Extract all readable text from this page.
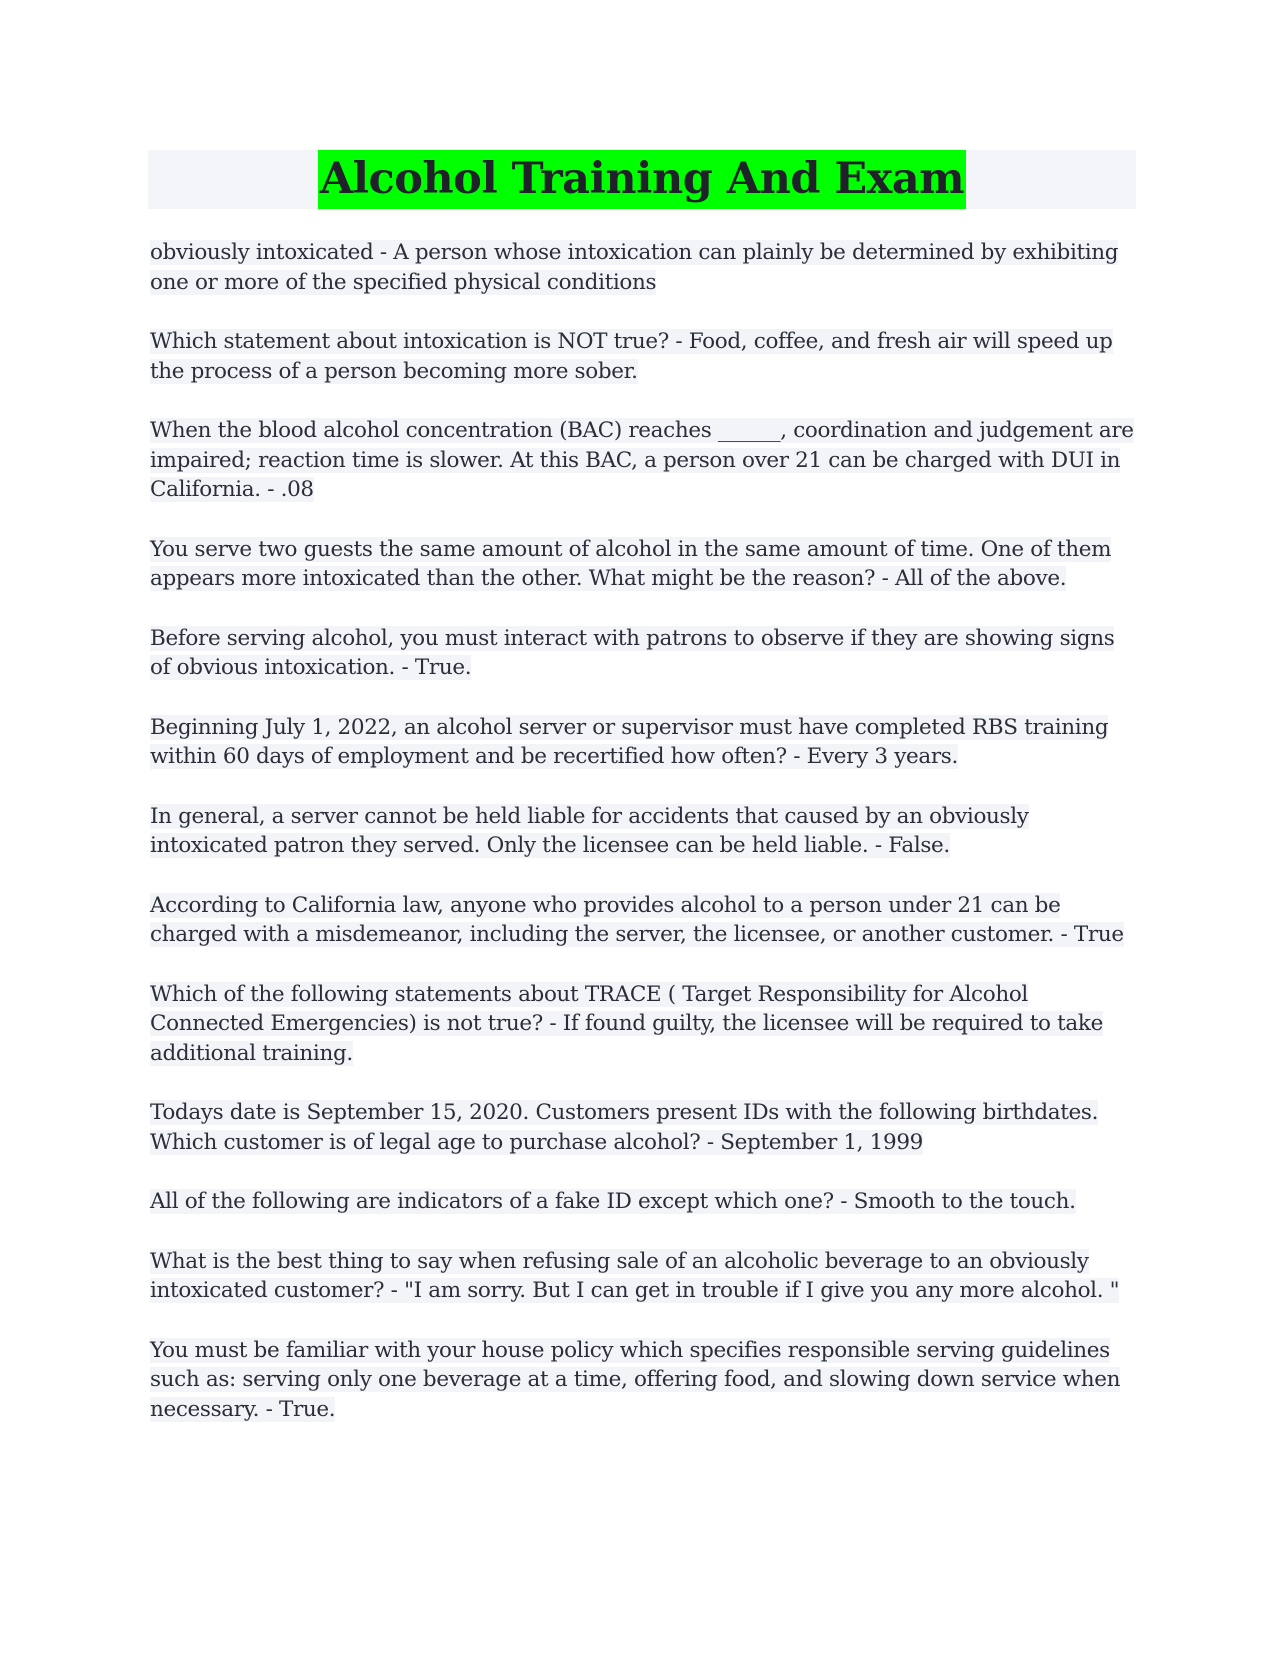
Alcohol Training And Exam
obviously intoxicated - A person whose intoxication can plainly be determined by exhibiting one or more of the specified physical conditions
Which statement about intoxication is NOT true? - Food, coffee, and fresh air will speed up the process of a person becoming more sober.
When the blood alcohol concentration (BAC) reaches ______, coordination and judgement are impaired; reaction time is slower. At this BAC, a person over 21 can be charged with DUI in California. - .08
You serve two guests the same amount of alcohol in the same amount of time. One of them appears more intoxicated than the other. What might be the reason? - All of the above.
Before serving alcohol, you must interact with patrons to observe if they are showing signs of obvious intoxication. - True.
Beginning July 1, 2022, an alcohol server or supervisor must have completed RBS training within 60 days of employment and be recertified how often? - Every 3 years.
In general, a server cannot be held liable for accidents that caused by an obviously intoxicated patron they served. Only the licensee can be held liable. - False.
According to California law, anyone who provides alcohol to a person under 21 can be charged with a misdemeanor, including the server, the licensee, or another customer. - True
Which of the following statements about TRACE ( Target Responsibility for Alcohol Connected Emergencies) is not true? - If found guilty, the licensee will be required to take additional training.
Todays date is September 15, 2020. Customers present IDs with the following birthdates. Which customer is of legal age to purchase alcohol? - September 1, 1999
All of the following are indicators of a fake ID except which one? - Smooth to the touch.
What is the best thing to say when refusing sale of an alcoholic beverage to an obviously intoxicated customer? - "I am sorry. But I can get in trouble if I give you any more alcohol. "
You must be familiar with your house policy which specifies responsible serving guidelines such as: serving only one beverage at a time, offering food, and slowing down service when necessary. - True.
